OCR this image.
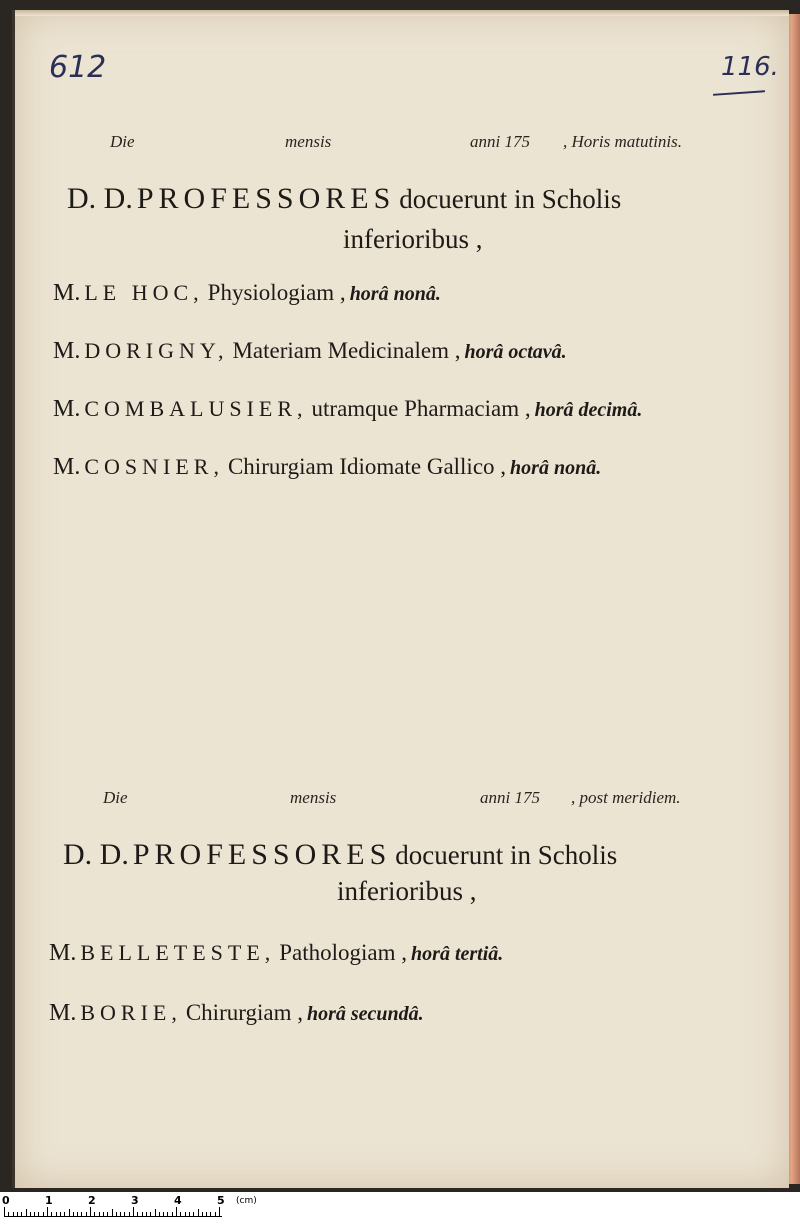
612	116.
Die	mensis	anni 175 , Horis matutinis.
D. D. PROFESSORES docuerunt in Scholis
inferioribus ,
M. LE HOC, Physiologiam , horâ nonâ.
M. DORIGNY, Materiam Medicinalem , horâ octavâ.
M. COMBALUSIER, utramque Pharmaciam , horâ decimâ.
M. COSNIER, Chirurgiam Idiomate Gallico , horâ nonâ.
Die	mensis	anni 175 , post meridiem.
D. D. PROFESSORES docuerunt in Scholis
inferioribus ,
M. BELLETESTE, Pathologiam , horâ tertiâ.
M. BORIE, Chirurgiam , horâ secundâ.
0	1	2	3	4	5 (cm)
